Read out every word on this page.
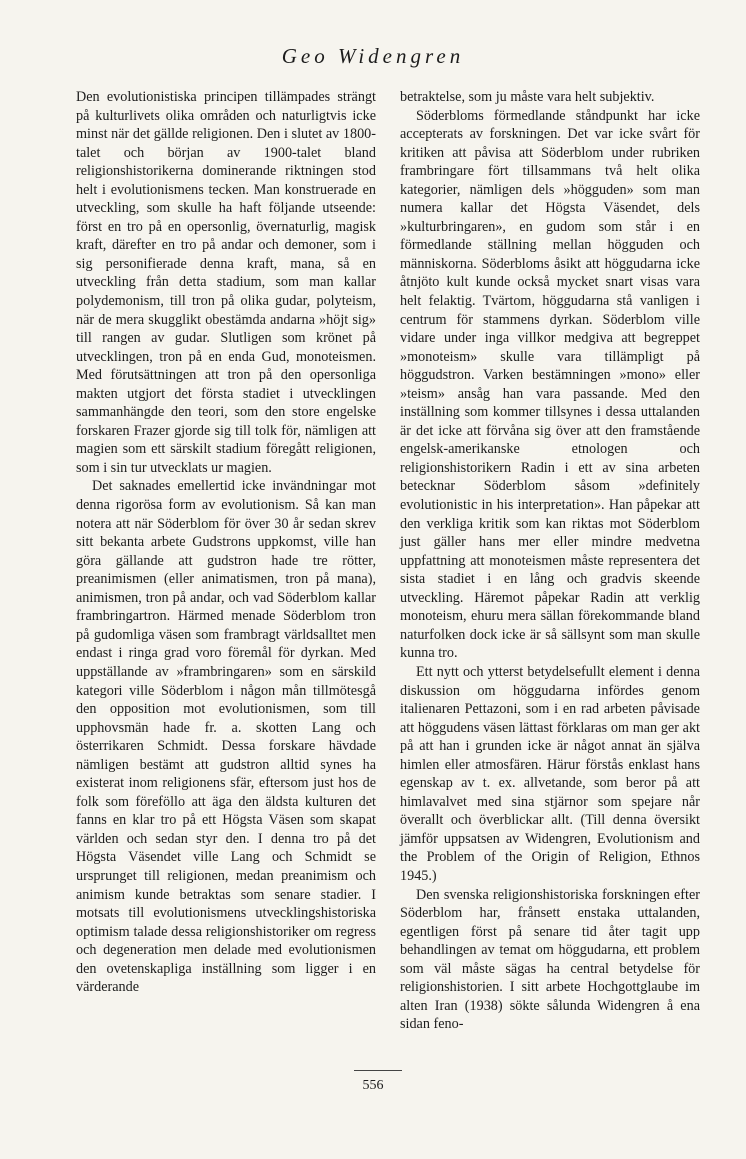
Geo Widengren

Den evolutionistiska principen tillämpades strängt på kulturlivets olika områden och naturligtvis icke minst när det gällde religionen. Den i slutet av 1800-talet och början av 1900-talet bland religionshistorikerna dominerande riktningen stod helt i evolutionismens tecken. Man konstruerade en utveckling, som skulle ha haft följande utseende: först en tro på en opersonlig, övernaturlig, magisk kraft, därefter en tro på andar och demoner, som i sig personifierade denna kraft, mana, så en utveckling från detta stadium, som man kallar polydemonism, till tron på olika gudar, polyteism, när de mera skugglikt obestämda andarna »höjt sig» till rangen av gudar. Slutligen som krönet på utvecklingen, tron på en enda Gud, monoteismen. Med förutsättningen att tron på den opersonliga makten utgjort det första stadiet i utvecklingen sammanhängde den teori, som den store engelske forskaren Frazer gjorde sig till tolk för, nämligen att magien som ett särskilt stadium föregått religionen, som i sin tur utvecklats ur magien.

Det saknades emellertid icke invändningar mot denna rigorösa form av evolutionism. Så kan man notera att när Söderblom för över 30 år sedan skrev sitt bekanta arbete Gudstrons uppkomst, ville han göra gällande att gudstron hade tre rötter, preanimismen (eller animatismen, tron på mana), animismen, tron på andar, och vad Söderblom kallar frambringartron. Härmed menade Söderblom tron på gudomliga väsen som frambragt världsalltet men endast i ringa grad voro föremål för dyrkan. Med uppställande av »frambringaren» som en särskild kategori ville Söderblom i någon mån tillmötesgå den opposition mot evolutionismen, som till upphovsmän hade fr. a. skotten Lang och österrikaren Schmidt. Dessa forskare hävdade nämligen bestämt att gudstron alltid synes ha existerat inom religionens sfär, eftersom just hos de folk som föreföllo att äga den äldsta kulturen det fanns en klar tro på ett Högsta Väsen som skapat världen och sedan styr den. I denna tro på det Högsta Väsendet ville Lang och Schmidt se ursprunget till religionen, medan preanimism och animism kunde betraktas som senare stadier. I motsats till evolutionismens utvecklingshistoriska optimism talade dessa religionshistoriker om regress och degeneration men delade med evolutionismen den ovetenskapliga inställning som ligger i en värderande

betraktelse, som ju måste vara helt subjektiv.

Söderbloms förmedlande ståndpunkt har icke accepterats av forskningen. Det var icke svårt för kritiken att påvisa att Söderblom under rubriken frambringare fört tillsammans två helt olika kategorier, nämligen dels »högguden» som man numera kallar det Högsta Väsendet, dels »kulturbringaren», en gudom som står i en förmedlande ställning mellan högguden och människorna. Söderbloms åsikt att höggudarna icke åtnjöto kult kunde också mycket snart visas vara helt felaktig. Tvärtom, höggudarna stå vanligen i centrum för stammens dyrkan. Söderblom ville vidare under inga villkor medgiva att begreppet »monoteism» skulle vara tillämpligt på höggudstron. Varken bestämningen »mono» eller »teism» ansåg han vara passande. Med den inställning som kommer tillsynes i dessa uttalanden är det icke att förvåna sig över att den framstående engelsk-amerikanske etnologen och religionshistorikern Radin i ett av sina arbeten betecknar Söderblom såsom »definitely evolutionistic in his interpretation». Han påpekar att den verkliga kritik som kan riktas mot Söderblom just gäller hans mer eller mindre medvetna uppfattning att monoteismen måste representera det sista stadiet i en lång och gradvis skeende utveckling. Häremot påpekar Radin att verklig monoteism, ehuru mera sällan förekommande bland naturfolken dock icke är så sällsynt som man skulle kunna tro.

Ett nytt och ytterst betydelsefullt element i denna diskussion om höggudarna infördes genom italienaren Pettazoni, som i en rad arbeten påvisade att höggudens väsen lättast förklaras om man ger akt på att han i grunden icke är något annat än själva himlen eller atmosfären. Härur förstås enklast hans egenskap av t. ex. allvetande, som beror på att himlavalvet med sina stjärnor som spejare når överallt och överblickar allt. (Till denna översikt jämför uppsatsen av Widengren, Evolutionism and the Problem of the Origin of Religion, Ethnos 1945.)

Den svenska religionshistoriska forskningen efter Söderblom har, frånsett enstaka uttalanden, egentligen först på senare tid åter tagit upp behandlingen av temat om höggudarna, ett problem som väl måste sägas ha central betydelse för religionshistorien. I sitt arbete Hochgottglaube im alten Iran (1938) sökte sålunda Widengren å ena sidan feno-

556
